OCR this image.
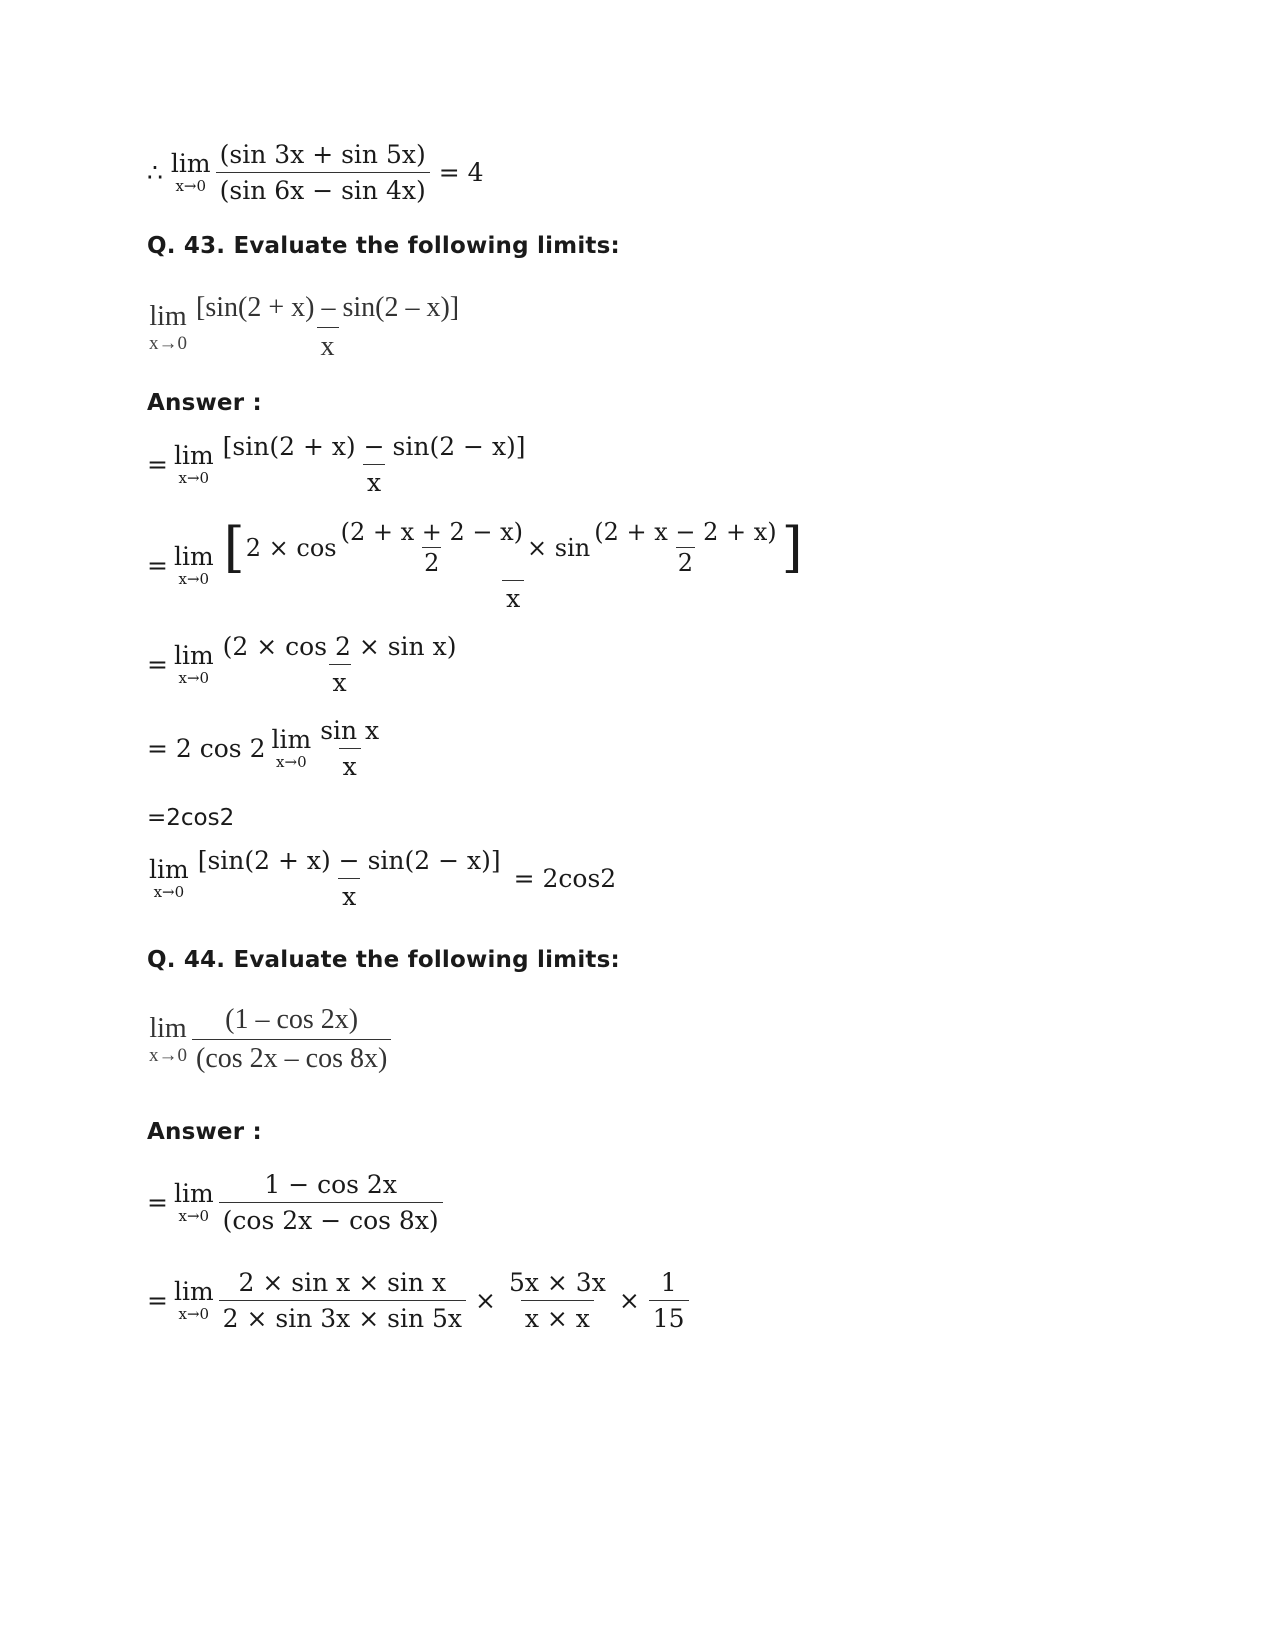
∴ lim
$x\to 0 \frac{(\sin 3x + \sin 5x)}{(\sin 6x - \sin 4x)} = 4$
Q. 43. Evaluate the following limits:
lim
$x\to 0 \frac{[\sin(2 + x) - \sin(2 - x)]}{x}$
Answer :
= lim
$x\to 0 \frac{[\sin(2 + x) - \sin(2 - x)]}{x}$
= lim
x→0
[ $2 \times \cos \frac{(2 + x + 2 - x)}{2} \times \sin \frac{(2 + x - 2 + x)}{2}$ ]
x
= lim
$x\to 0 \frac{\text{(2 × cos 2 × sin x)}}{x}$
= 2 cos 2 lim
$x\to 0 \frac{\text{sin x}}{x}$
=2cos2
lim
$x\to 0 \frac{[\sin(2 + x) - \sin(2 - x)]}{x} = 2\cos 2$
Q. 44. Evaluate the following limits:
lim
$x\to 0 \frac{(1 - \cos 2x)}{(\cos 2x - \cos 8x)}$
Answer :
= lim
$x\to 0 \frac{1 - \cos 2x}{(\cos 2x - \cos 8x)}$
= lim
$x\to 0 \frac{\text{2 × sin x × sin x}}{2 \times \sin 3x \times \sin 5x} \times \frac{5x \times 3x}{x \times x} \times \frac{1}{15}$
